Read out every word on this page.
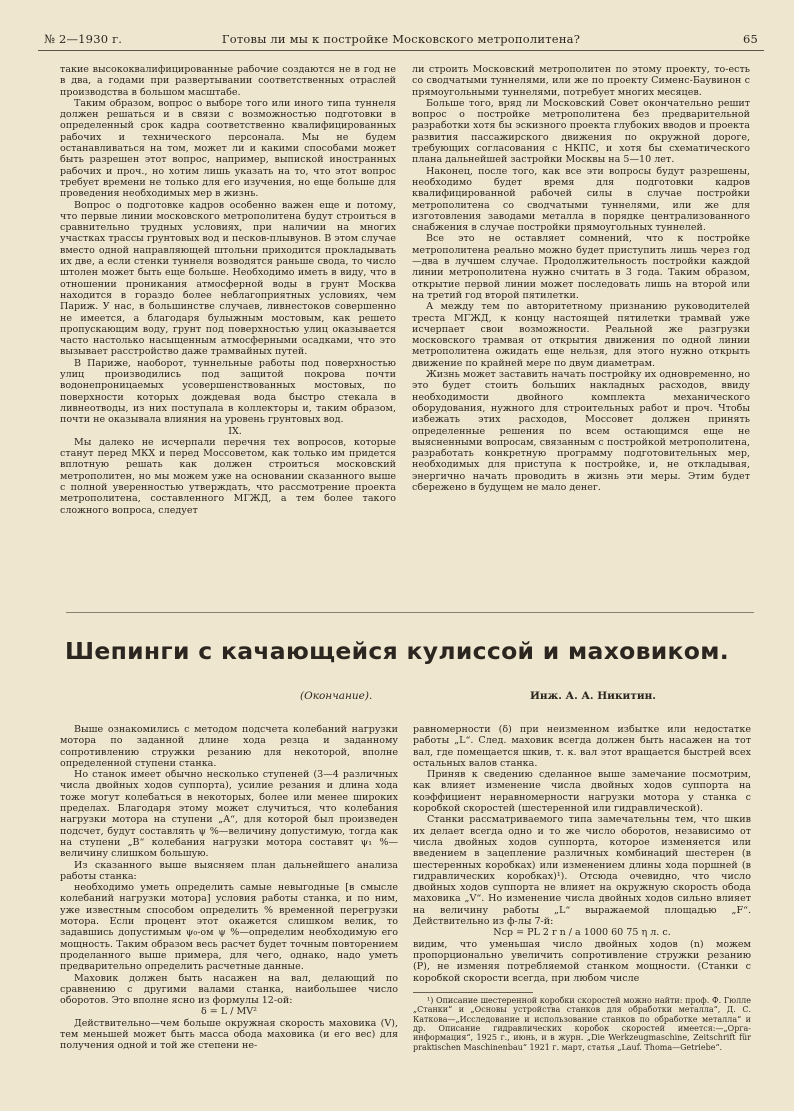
№ 2—1930 г.	Готовы ли мы к постройке Московского метрополитена?	65

такие высококвалифицированные рабочие создаются не в год не в два, а годами при развертывании соответственных отраслей производства в большом масштабе.

Таким образом, вопрос о выборе того или иного типа туннеля должен решаться и в связи с возможностью подготовки в определенный срок кадра соответственно квалифицированных рабочих и технического персонала. Мы не будем останавливаться на том, может ли и какими способами может быть разрешен этот вопрос, например, выпиской иностранных рабочих и проч., но хотим лишь указать на то, что этот вопрос требует времени не только для его изучения, но еще больше для проведения необходимых мер в жизнь.

Вопрос о подготовке кадров особенно важен еще и потому, что первые линии московского метрополитена будут строиться в сравнительно трудных условиях, при наличии на многих участках трассы грунтовых вод и песков-плывунов. В этом случае вместо одной направляющей штольни приходится прокладывать их две, а если стенки туннеля возводятся раньше свода, то число штолен может быть еще больше. Необходимо иметь в виду, что в отношении проникания атмосферной воды в грунт Москва находится в гораздо более неблагоприятных условиях, чем Париж. У нас, в большинстве случаев, ливнестоков совершенно не имеется, а благодаря булыжным мостовым, как решето пропускающим воду, грунт под поверхностью улиц оказывается часто настолько насыщенным атмосферными осадками, что это вызывает расстройство даже трамвайных путей.

В Париже, наоборот, туннельные работы под поверхностью улиц производились под защитой покрова почти водонепроницаемых усовершенствованных мостовых, по поверхности которых дождевая вода быстро стекала в ливнеотводы, из них поступала в коллекторы и, таким образом, почти не оказывала влияния на уровень грунтовых вод.

IX.

Мы далеко не исчерпали перечня тех вопросов, которые станут перед МКХ и перед Моссоветом, как только им придется вплотную решать как должен строиться московский метрополитен, но мы можем уже на основании сказанного выше с полной уверенностью утверждать, что рассмотрение проекта метрополитена, составленного МГЖД, а тем более такого сложного вопроса, следует

ли строить Московский метрополитен по этому проекту, то-есть со сводчатыми туннелями, или же по проекту Сименс-Баувинон с прямоугольными туннелями, потребует многих месяцев.

Больше того, вряд ли Московский Совет окончательно решит вопрос о постройке метрополитена без предварительной разработки хотя бы эскизного проекта глубоких вводов и проекта развития пассажирского движения по окружной дороге, требующих согласования с НКПС, и хотя бы схематического плана дальнейшей застройки Москвы на 5—10 лет.

Наконец, после того, как все эти вопросы будут разрешены, необходимо будет время для подготовки кадров квалифицированной рабочей силы в случае постройки метрополитена со сводчатыми туннелями, или же для изготовления заводами металла в порядке централизованного снабжения в случае постройки прямоугольных туннелей.

Все это не оставляет сомнений, что к постройке метрополитена реально можно будет приступить лишь через год—два в лучшем случае. Продолжительность постройки каждой линии метрополитена нужно считать в 3 года. Таким образом, открытие первой линии может последовать лишь на второй или на третий год второй пятилетки.

А между тем по авторитетному признанию руководителей треста МГЖД, к концу настоящей пятилетки трамвай уже исчерпает свои возможности. Реальной же разгрузки московского трамвая от открытия движения по одной линии метрополитена ожидать еще нельзя, для этого нужно открыть движение по крайней мере по двум диаметрам.

Жизнь может заставить начать постройку их одновременно, но это будет стоить больших накладных расходов, ввиду необходимости двойного комплекта механического оборудования, нужного для строительных работ и проч. Чтобы избежать этих расходов, Моссовет должен принять определенные решения по всем остающимся еще не выясненными вопросам, связанным с постройкой метрополитена, разработать конкретную программу подготовительных мер, необходимых для приступа к постройке, и, не откладывая, энергично начать проводить в жизнь эти меры. Этим будет сбережено в будущем не мало денег.

Шепинги с качающейся кулиссой и маховиком.
(Окончание).	Инж. А. А. Никитин.

Выше ознакомились с методом подсчета колебаний нагрузки мотора по заданной длине хода резца и заданному сопротивлению стружки резанию для некоторой, вполне определенной ступени станка.

Но станок имеет обычно несколько ступеней (3—4 различных числа двойных ходов суппорта), усилие резания и длина хода тоже могут колебаться в некоторых, более или менее широких пределах. Благодаря этому может случиться, что колебания нагрузки мотора на ступени „A“, для которой был произведен подсчет, будут составлять ψ %—величину допустимую, тогда как на ступени „B“ колебания нагрузки мотора составят ψ₁ %—величину слишком большую.

Из сказанного выше выясняем план дальнейшего анализа работы станка:

необходимо уметь определить самые невыгодные [в смысле колебаний нагрузки мотора] условия работы станка, и по ним, уже известным способом определить % временной перегрузки мотора. Если процент этот окажется слишком велик, то задавшись допустимым ψ₀-ом ψ %—определим необходимую его мощность. Таким образом весь расчет будет точным повторением проделанного выше примера, для чего, однако, надо уметь предварительно определить расчетные данные.

Маховик должен быть насажен на вал, делающий по сравнению с другими валами станка, наибольшее число оборотов. Это вполне ясно из формулы 12-ой:

δ = L / MV²

Действительно—чем больше окружная скорость маховика (V), тем меньшей может быть масса обода маховика (и его вес) для получения одной и той же степени не-

равномерности (δ) при неизменном избытке или недостатке работы „L“. След. маховик всегда должен быть насажен на тот вал, где помещается шкив, т. к. вал этот вращается быстрей всех остальных валов станка.

Приняв к сведению сделанное выше замечание посмотрим, как влияет изменение числа двойных ходов суппорта на коэффициент неравномерности нагрузки мотора у станка с коробкой скоростей (шестеренной или гидравлической).

Станки рассматриваемого типа замечательны тем, что шкив их делает всегда одно и то же число оборотов, независимо от числа двойных ходов суппорта, которое изменяется или введением в зацепление различных комбинаций шестерен (в шестеренных коробках) или изменением длины хода поршней (в гидравлических коробках)¹). Отсюда очевидно, что число двойных ходов суппорта не влияет на окружную скорость обода маховика „V“. Но изменение числа двойных ходов сильно влияет на величину работы „L“ выражаемой площадью „F“. Действительно из ф-лы 7-й:

Nср = PL 2 r n / a 1000 60 75 η л. с.

видим, что уменьшая число двойных ходов (n) можем пропорционально увеличить сопротивление стружки резанию (P), не изменяя потребляемой станком мощности. (Станки с коробкой скорости всегда, при любом числе

¹) Описание шестеренной коробки скоростей можно найти: проф. Ф. Гюлле „Станки“ и „Основы устройства станков для обработки металла“, Д. С. Каткова—„Исследование и использование станков по обработке металла“ и др. Описание гидравлических коробок скоростей имеется:—„Орга-информация“, 1925 г., июнь, и в журн. „Die Werkzeugmaschine, Zeitschrift für praktischen Maschinenbau“ 1921 г. март, статья „Lauf. Thoma—Getriebe“.
